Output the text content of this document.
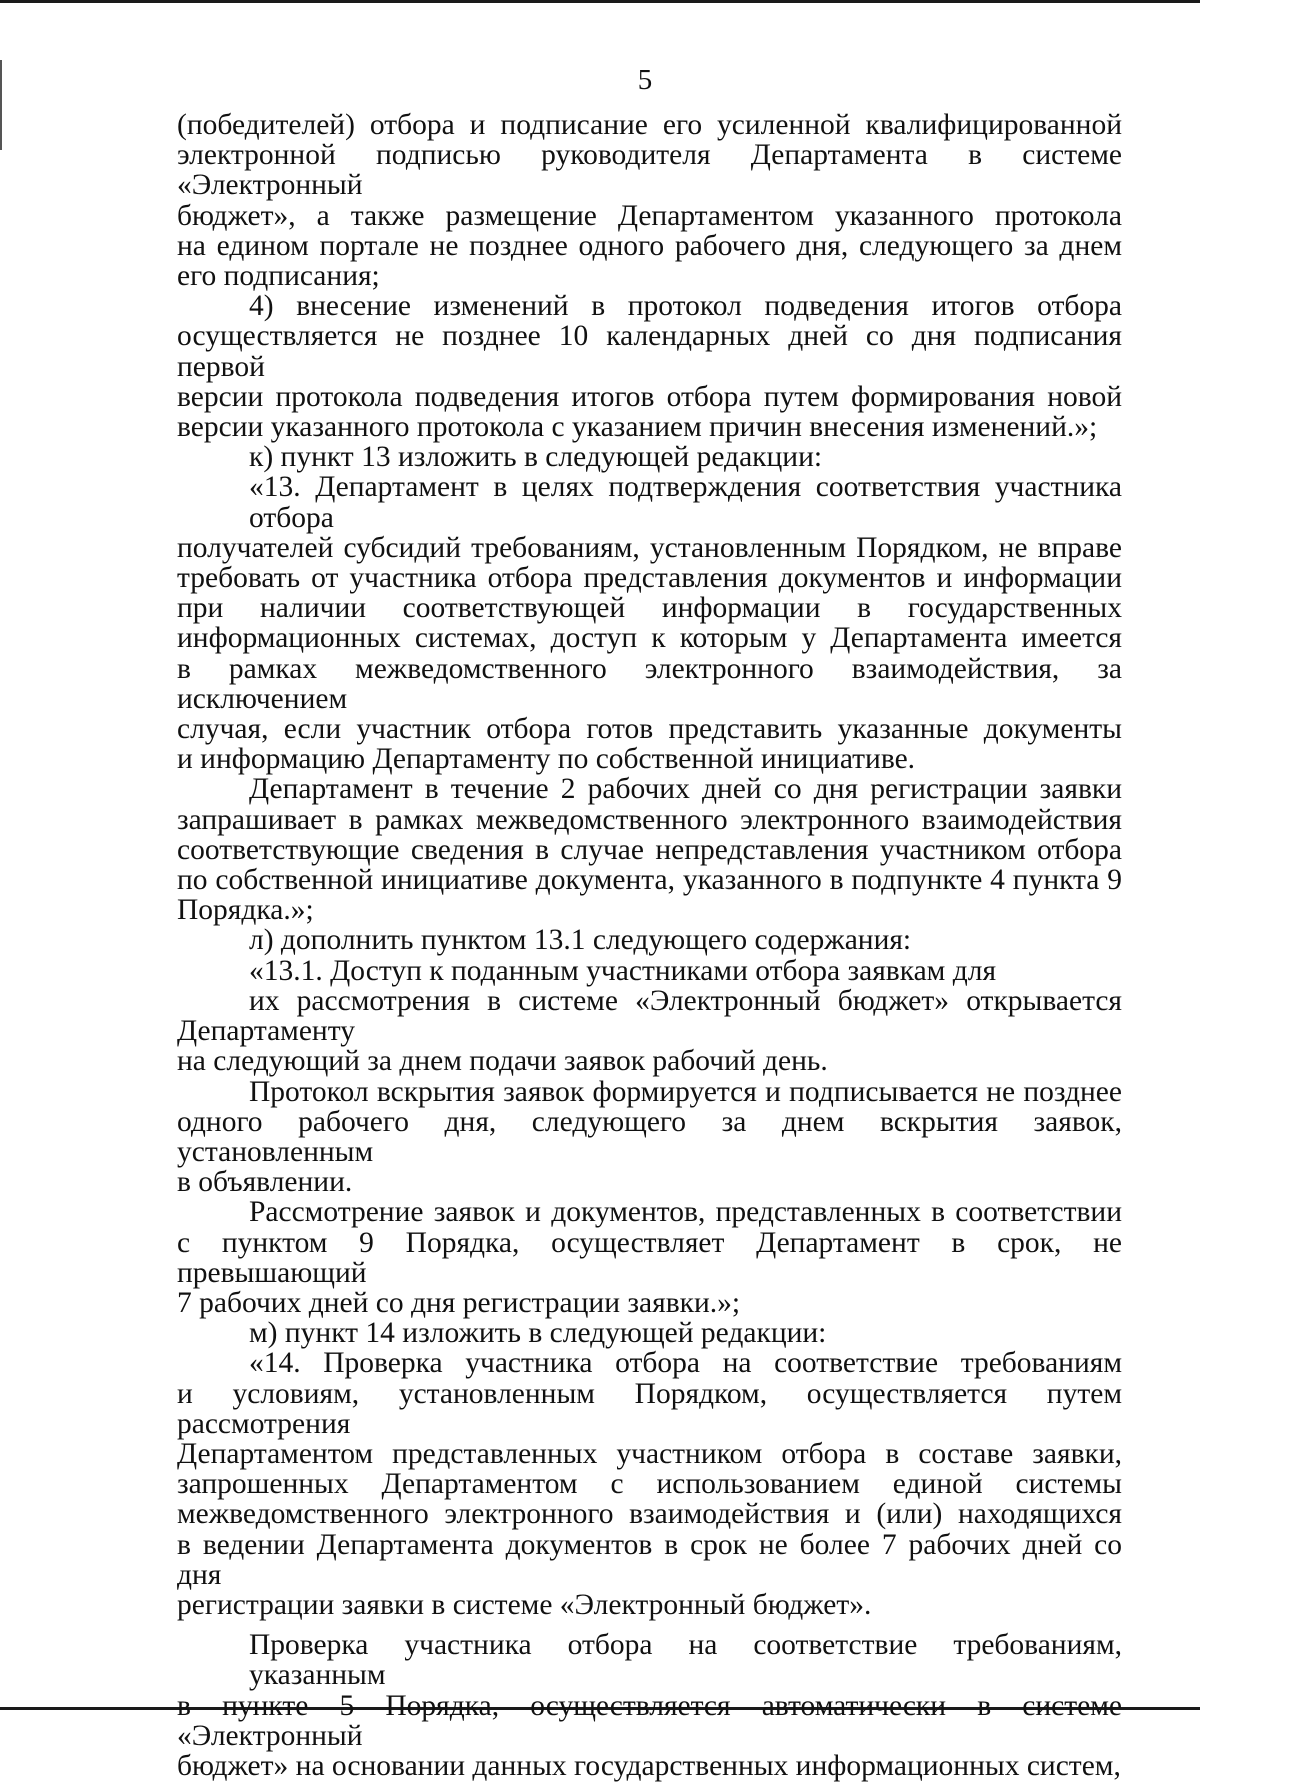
5

(победителей) отбора и подписание его усиленной квалифицированной
электронной подписью руководителя Департамента в системе «Электронный
бюджет», а также размещение Департаментом указанного протокола
на едином портале не позднее одного рабочего дня, следующего за днем
его подписания;

4) внесение изменений в протокол подведения итогов отбора
осуществляется не позднее 10 календарных дней со дня подписания первой
версии протокола подведения итогов отбора путем формирования новой
версии указанного протокола с указанием причин внесения изменений.»;

к) пункт 13 изложить в следующей редакции:

«13. Департамент в целях подтверждения соответствия участника отбора
получателей субсидий требованиям, установленным Порядком, не вправе
требовать от участника отбора представления документов и информации
при наличии соответствующей информации в государственных
информационных системах, доступ к которым у Департамента имеется
в рамках межведомственного электронного взаимодействия, за исключением
случая, если участник отбора готов представить указанные документы
и информацию Департаменту по собственной инициативе.

Департамент в течение 2 рабочих дней со дня регистрации заявки
запрашивает в рамках межведомственного электронного взаимодействия
соответствующие сведения в случае непредставления участником отбора
по собственной инициативе документа, указанного в подпункте 4 пункта 9
Порядка.»;

л) дополнить пунктом 13.1 следующего содержания:

«13.1. Доступ к поданным участниками отбора заявкам для

их рассмотрения в системе «Электронный бюджет» открывается
Департаменту

на следующий за днем подачи заявок рабочий день.

Протокол вскрытия заявок формируется и подписывается не позднее
одного рабочего дня, следующего за днем вскрытия заявок, установленным
в объявлении.

Рассмотрение заявок и документов, представленных в соответствии
с пунктом 9 Порядка, осуществляет Департамент в срок, не превышающий
7 рабочих дней со дня регистрации заявки.»;

м) пункт 14 изложить в следующей редакции:

«14. Проверка участника отбора на соответствие требованиям
и условиям, установленным Порядком, осуществляется путем рассмотрения
Департаментом представленных участником отбора в составе заявки,
запрошенных Департаментом с использованием единой системы
межведомственного электронного взаимодействия и (или) находящихся
в ведении Департамента документов в срок не более 7 рабочих дней со дня
регистрации заявки в системе «Электронный бюджет».

Проверка участника отбора на соответствие требованиям, указанным
в пункте 5 Порядка, осуществляется автоматически в системе «Электронный
бюджет» на основании данных государственных информационных систем,
